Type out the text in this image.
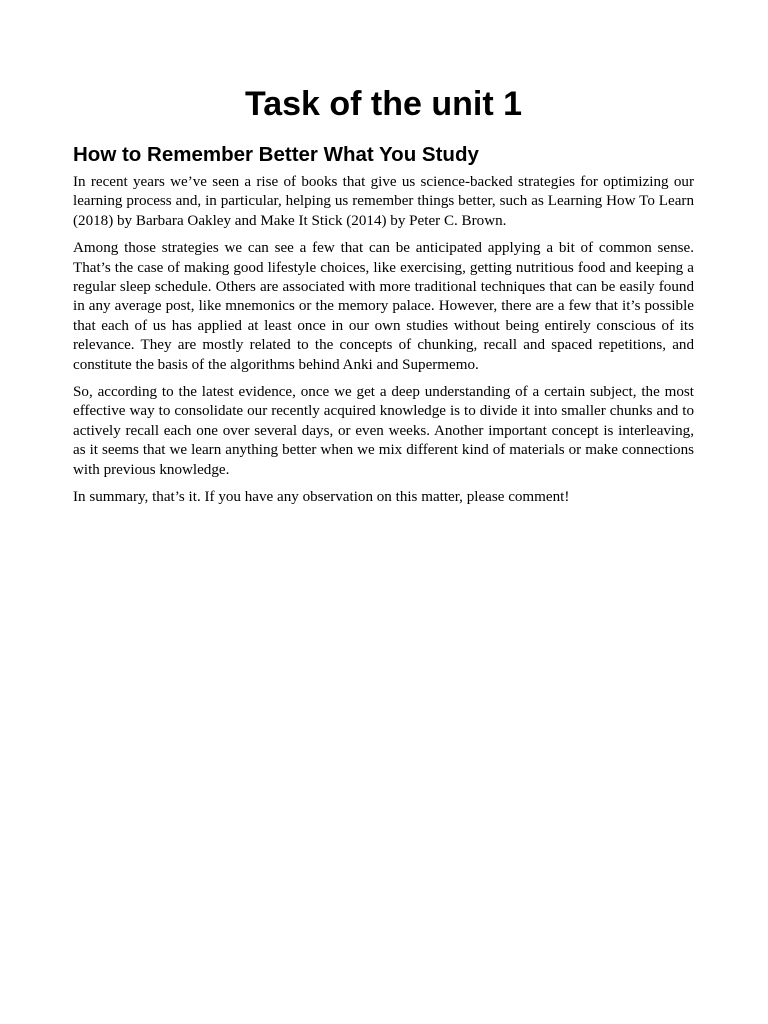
Task of the unit 1
How to Remember Better What You Study

In recent years we’ve seen a rise of books that give us science-backed strategies for optimizing our learning process and, in particular, helping us remember things better, such as Learning How To Learn (2018) by Barbara Oakley and Make It Stick (2014) by Peter C. Brown.

Among those strategies we can see a few that can be anticipated applying a bit of common sense. That’s the case of making good lifestyle choices, like exercising, getting nutritious food and keeping a regular sleep schedule. Others are associated with more traditional techniques that can be easily found in any average post, like mnemonics or the memory palace. However, there are a few that it’s possible that each of us has applied at least once in our own studies without being entirely conscious of its relevance. They are mostly related to the concepts of chunking, recall and spaced repetitions, and constitute the basis of the algorithms behind Anki and Supermemo.

So, according to the latest evidence, once we get a deep understanding of a certain subject, the most effective way to consolidate our recently acquired knowledge is to divide it into smaller chunks and to actively recall each one over several days, or even weeks. Another important concept is interleaving, as it seems that we learn anything better when we mix different kind of materials or make connections with previous knowledge.

In summary, that’s it. If you have any observation on this matter, please comment!
